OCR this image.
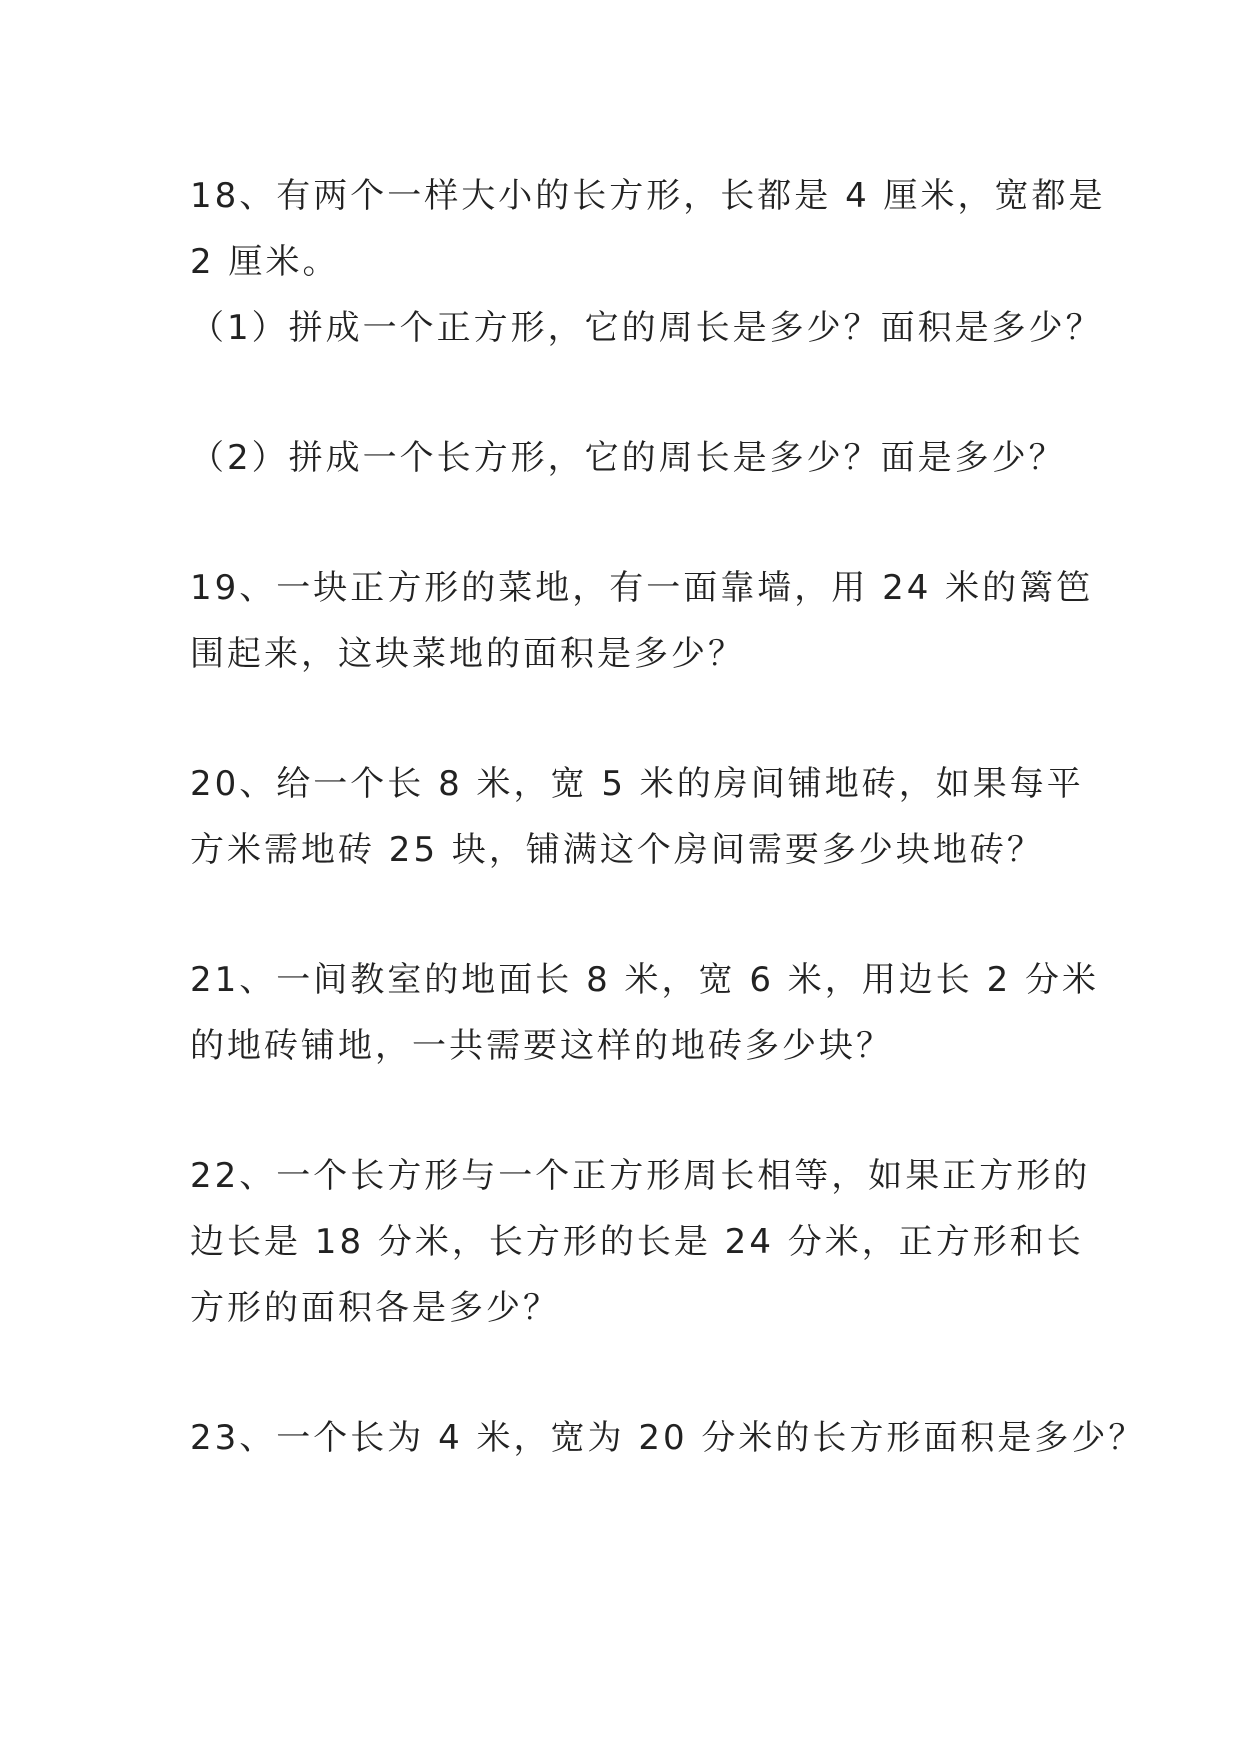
18、有两个一样大小的长方形，长都是 4 厘米，宽都是
2 厘米。
（1）拼成一个正方形，它的周长是多少？面积是多少？
（2）拼成一个长方形，它的周长是多少？面是多少？
19、一块正方形的菜地，有一面靠墙，用 24 米的篱笆
围起来，这块菜地的面积是多少？
20、给一个长 8 米，宽 5 米的房间铺地砖，如果每平
方米需地砖 25 块，铺满这个房间需要多少块地砖？
21、一间教室的地面长 8 米，宽 6 米，用边长 2 分米
的地砖铺地，一共需要这样的地砖多少块？
22、一个长方形与一个正方形周长相等，如果正方形的
边长是 18 分米，长方形的长是 24 分米，正方形和长
方形的面积各是多少？
23、一个长为 4 米，宽为 20 分米的长方形面积是多少？
